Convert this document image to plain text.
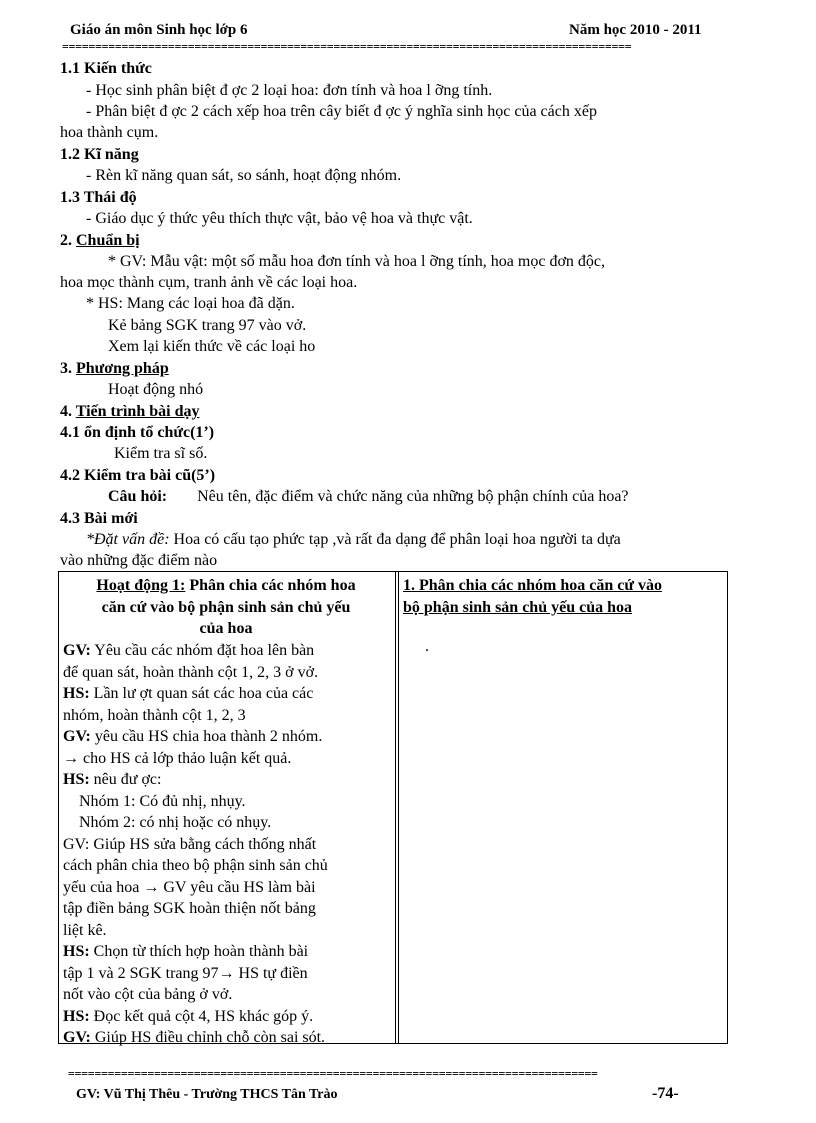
Giáo án môn Sinh học lớp 6	Năm học 2010 - 2011
======================================================================================
1.1 Kiến thức
- Học sinh phân biệt đ ợc 2 loại hoa: đơn tính và hoa l ỡng tính.
- Phân biệt đ ợc 2 cách xếp hoa trên cây biết đ ợc ý nghĩa sinh học của cách xếp
hoa thành cụm.
1.2 Kĩ năng
- Rèn kĩ năng quan sát, so sánh, hoạt động nhóm.
1.3 Thái độ
- Giáo dục ý thức yêu thích thực vật, bảo vệ hoa và thực vật.
2. Chuẩn bị
* GV: Mẫu vật: một số mẫu hoa đơn tính và hoa l ỡng tính, hoa mọc đơn độc,
hoa mọc thành cụm, tranh ảnh về các loại hoa.
* HS: Mang các loại hoa đã dặn.
Kẻ bảng SGK trang 97 vào vở.
Xem lại kiến thức về các loại ho
3. Phương pháp
Hoạt động nhó
4. Tiến trình bài dạy
4.1 ổn định tổ chức(1’)
Kiểm tra sĩ số.
4.2 Kiểm tra bài cũ(5’)
Câu hỏi: Nêu tên, đặc điểm và chức năng của những bộ phận chính của hoa?
4.3 Bài mới
*Đặt vấn đề: Hoa có cấu tạo phức tạp ,và rất đa dạng để phân loại hoa người ta dựa
vào những đặc điểm nào
Hoạt động 1: Phân chia các nhóm hoa
căn cứ vào bộ phận sinh sản chủ yếu
của hoa
GV: Yêu cầu các nhóm đặt hoa lên bàn
để quan sát, hoàn thành cột 1, 2, 3 ở vở.
HS: Lần lư ợt quan sát các hoa của các
nhóm, hoàn thành cột 1, 2, 3
GV: yêu cầu HS chia hoa thành 2 nhóm.
→ cho HS cả lớp thảo luận kết quả.
HS: nêu đư ợc:
Nhóm 1: Có đủ nhị, nhụy.
Nhóm 2: có nhị hoặc có nhụy.
GV: Giúp HS sửa bằng cách thống nhất
cách phân chia theo bộ phận sinh sản chủ
yếu của hoa → GV yêu cầu HS làm bài
tập điền bảng SGK hoàn thiện nốt bảng
liệt kê.
HS: Chọn từ thích hợp hoàn thành bài
tập 1 và 2 SGK trang 97→ HS tự điền
nốt vào cột của bảng ở vở.
HS: Đọc kết quả cột 4, HS khác góp ý.
GV: Giúp HS điều chỉnh chỗ còn sai sót.
1. Phân chia các nhóm hoa căn cứ vào
bộ phận sinh sản chủ yếu của hoa
.
================================================================================
GV: Vũ Thị Thêu - Trường THCS Tân Trào	-74-
